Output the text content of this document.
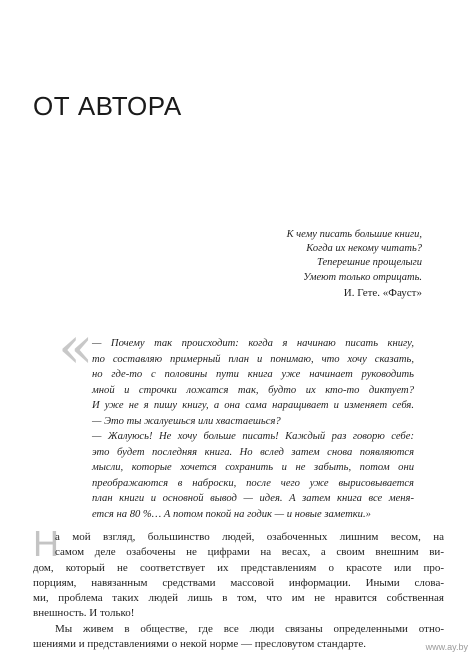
ОТ АВТОРА
К чему писать большие книги,
Когда их некому читать?
Теперешние прощелыги
Умеют только отрицать.
И. Гете. «Фауст»
«
— Почему так происходит: когда я начинаю писать книгу,
то составляю примерный план и понимаю, что хочу сказать,
но где-то с половины пути книга уже начинает руководить
мной и строчки ложатся так, будто их кто-то диктует?
И уже не я пишу книгу, а она сама наращивает и изменяет себя.
— Это ты жалуешься или хвастаешься?
— Жалуюсь! Не хочу больше писать! Каждый раз говорю себе:
это будет последняя книга. Но вслед затем снова появляются
мысли, которые хочется сохранить и не забыть, потом они
преображаются в наброски, после чего уже вырисовывается
план книги и основной вывод — идея. А затем книга все меня-
ется на 80 %… А потом покой на годик — и новые заметки.»
Н
а мой взгляд, большинство людей, озабоченных лишним весом, на
самом деле озабочены не цифрами на весах, а своим внешним ви-
дом, который не соответствует их представлениям о красоте или про-
порциям, навязанным средствами массовой информации. Иными слова-
ми, проблема таких людей лишь в том, что им не нравится собственная
внешность. И только!
Мы живем в обществе, где все люди связаны определенными отно-
шениями и представлениями о некой норме — пресловутом стандарте.	www.ay.by
